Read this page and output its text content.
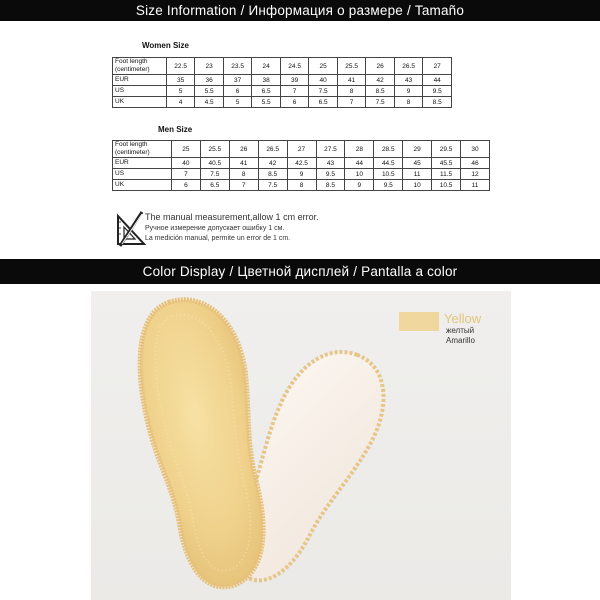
Size Information / Информация о размере / Tamaño
Women Size
Foot length (centimeter)	22.5	23	23.5	24	24.5	25	25.5	26	26.5	27
EUR	35	36	37	38	39	40	41	42	43	44
US	5	5.5	6	6.5	7	7.5	8	8.5	9	9.5
UK	4	4.5	5	5.5	6	6.5	7	7.5	8	8.5
Men Size
Foot length (centimeter)	25	25.5	26	26.5	27	27.5	28	28.5	29	29.5	30
EUR	40	40.5	41	42	42.5	43	44	44.5	45	45.5	46
US	7	7.5	8	8.5	9	9.5	10	10.5	11	11.5	12
UK	6	6.5	7	7.5	8	8.5	9	9.5	10	10.5	11
The manual measurement,allow 1 cm error.
Ручное измерение допускает ошибку 1 см.
La medición manual, permite un error de 1 cm.
Color Display / Цветной дисплей / Pantalla a color
Yellow
желтый
Amarillo
